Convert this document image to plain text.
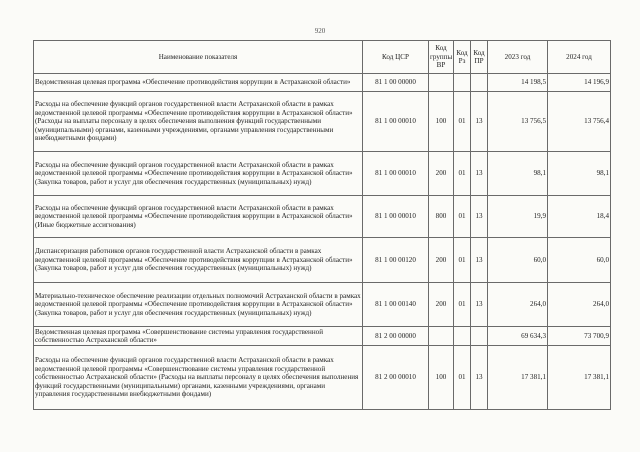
920
Наименование показателя	Код ЦСР	Код группы ВР	Код Рз	Код ПР	2023 год	2024 год
Ведомственная целевая программа «Обеспечение противодействия коррупции в Астраханской области»	81 1 00 00000				14 198,5	14 196,9
Расходы на обеспечение функций органов государственной власти Астраханской области в рамках ведомственной целевой программы «Обеспечение противодействия коррупции в Астраханской области» (Расходы на выплаты персоналу в целях обеспечения выполнения функций государственными (муниципальными) органами, казенными учреждениями, органами управления государственными внебюджетными фондами)	81 1 00 00010	100	01	13	13 756,5	13 756,4
Расходы на обеспечение функций органов государственной власти Астраханской области в рамках ведомственной целевой программы «Обеспечение противодействия коррупции в Астраханской области» (Закупка товаров, работ и услуг для обеспечения государственных (муниципальных) нужд)	81 1 00 00010	200	01	13	98,1	98,1
Расходы на обеспечение функций органов государственной власти Астраханской области в рамках ведомственной целевой программы «Обеспечение противодействия коррупции в Астраханской области» (Иные бюджетные ассигнования)	81 1 00 00010	800	01	13	19,9	18,4
Диспансеризация работников органов государственной власти Астраханской области в рамках ведомственной целевой программы «Обеспечение противодействия коррупции в Астраханской области» (Закупка товаров, работ и услуг для обеспечения государственных (муниципальных) нужд)	81 1 00 00120	200	01	13	60,0	60,0
Материально-техническое обеспечение реализации отдельных полномочий Астраханской области в рамках ведомственной целевой программы «Обеспечение противодействия коррупции в Астраханской области» (Закупка товаров, работ и услуг для обеспечения государственных (муниципальных) нужд)	81 1 00 00140	200	01	13	264,0	264,0
Ведомственная целевая программа «Совершенствование системы управления государственной собственностью Астраханской области»	81 2 00 00000				69 634,3	73 700,9
Расходы на обеспечение функций органов государственной власти Астраханской области в рамках ведомственной целевой программы «Совершенствование системы управления государственной собственностью Астраханской области» (Расходы на выплаты персоналу в целях обеспечения выполнения функций государственными (муниципальными) органами, казенными учреждениями, органами управления государственными внебюджетными фондами)	81 2 00 00010	100	01	13	17 381,1	17 381,1
